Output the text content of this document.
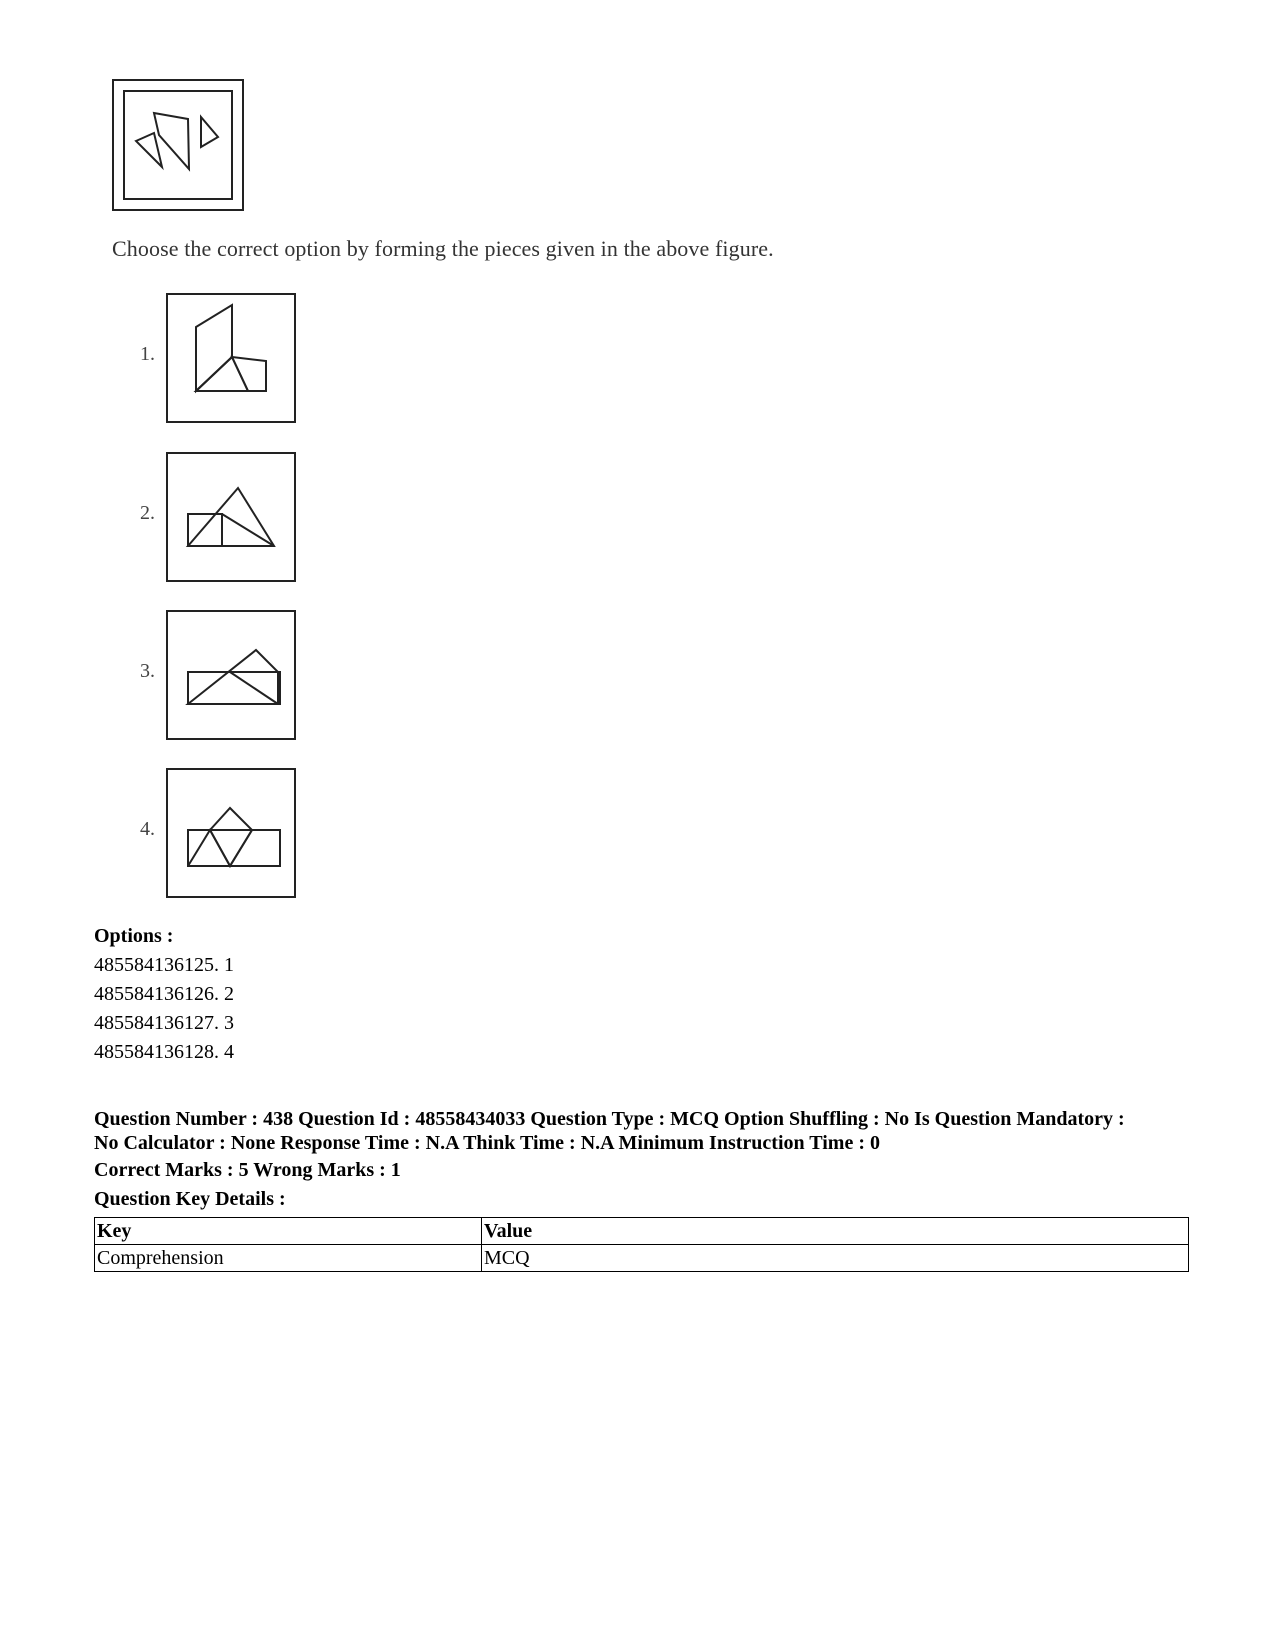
Choose the correct option by forming the pieces given in the above figure.
1.
2.
3.
4.
Options :
485584136125. 1
485584136126. 2
485584136127. 3
485584136128. 4
Question Number : 438 Question Id : 48558434033 Question Type : MCQ Option Shuffling : No Is Question Mandatory :
No Calculator : None Response Time : N.A Think Time : N.A Minimum Instruction Time : 0
Correct Marks : 5 Wrong Marks : 1
Question Key Details :
Key	Value
Comprehension	MCQ
